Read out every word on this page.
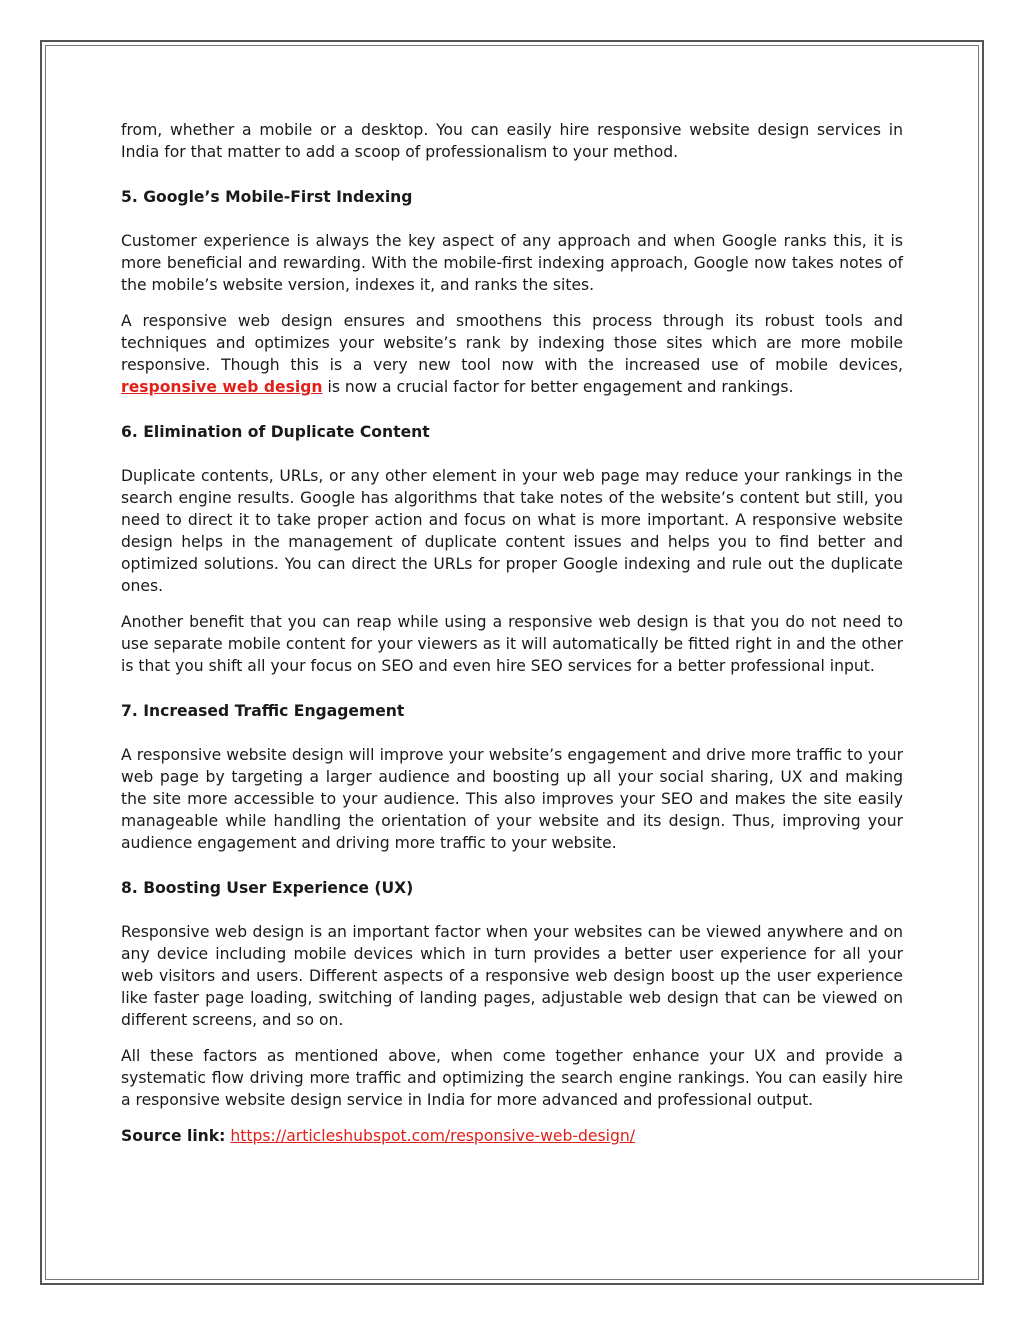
from, whether a mobile or a desktop. You can easily hire responsive website design services in India for that matter to add a scoop of professionalism to your method.

5. Google’s Mobile-First Indexing

Customer experience is always the key aspect of any approach and when Google ranks this, it is more beneficial and rewarding. With the mobile-first indexing approach, Google now takes notes of the mobile’s website version, indexes it, and ranks the sites.

A responsive web design ensures and smoothens this process through its robust tools and techniques and optimizes your website’s rank by indexing those sites which are more mobile responsive. Though this is a very new tool now with the increased use of mobile devices, responsive web design is now a crucial factor for better engagement and rankings.

6. Elimination of Duplicate Content

Duplicate contents, URLs, or any other element in your web page may reduce your rankings in the search engine results. Google has algorithms that take notes of the website’s content but still, you need to direct it to take proper action and focus on what is more important. A responsive website design helps in the management of duplicate content issues and helps you to find better and optimized solutions. You can direct the URLs for proper Google indexing and rule out the duplicate ones.

Another benefit that you can reap while using a responsive web design is that you do not need to use separate mobile content for your viewers as it will automatically be fitted right in and the other is that you shift all your focus on SEO and even hire SEO services for a better professional input.

7. Increased Traffic Engagement

A responsive website design will improve your website’s engagement and drive more traffic to your web page by targeting a larger audience and boosting up all your social sharing, UX and making the site more accessible to your audience. This also improves your SEO and makes the site easily manageable while handling the orientation of your website and its design. Thus, improving your audience engagement and driving more traffic to your website.

8. Boosting User Experience (UX)

Responsive web design is an important factor when your websites can be viewed anywhere and on any device including mobile devices which in turn provides a better user experience for all your web visitors and users. Different aspects of a responsive web design boost up the user experience like faster page loading, switching of landing pages, adjustable web design that can be viewed on different screens, and so on.

All these factors as mentioned above, when come together enhance your UX and provide a systematic flow driving more traffic and optimizing the search engine rankings. You can easily hire a responsive website design service in India for more advanced and professional output.

Source link: https://articleshubspot.com/responsive-web-design/
